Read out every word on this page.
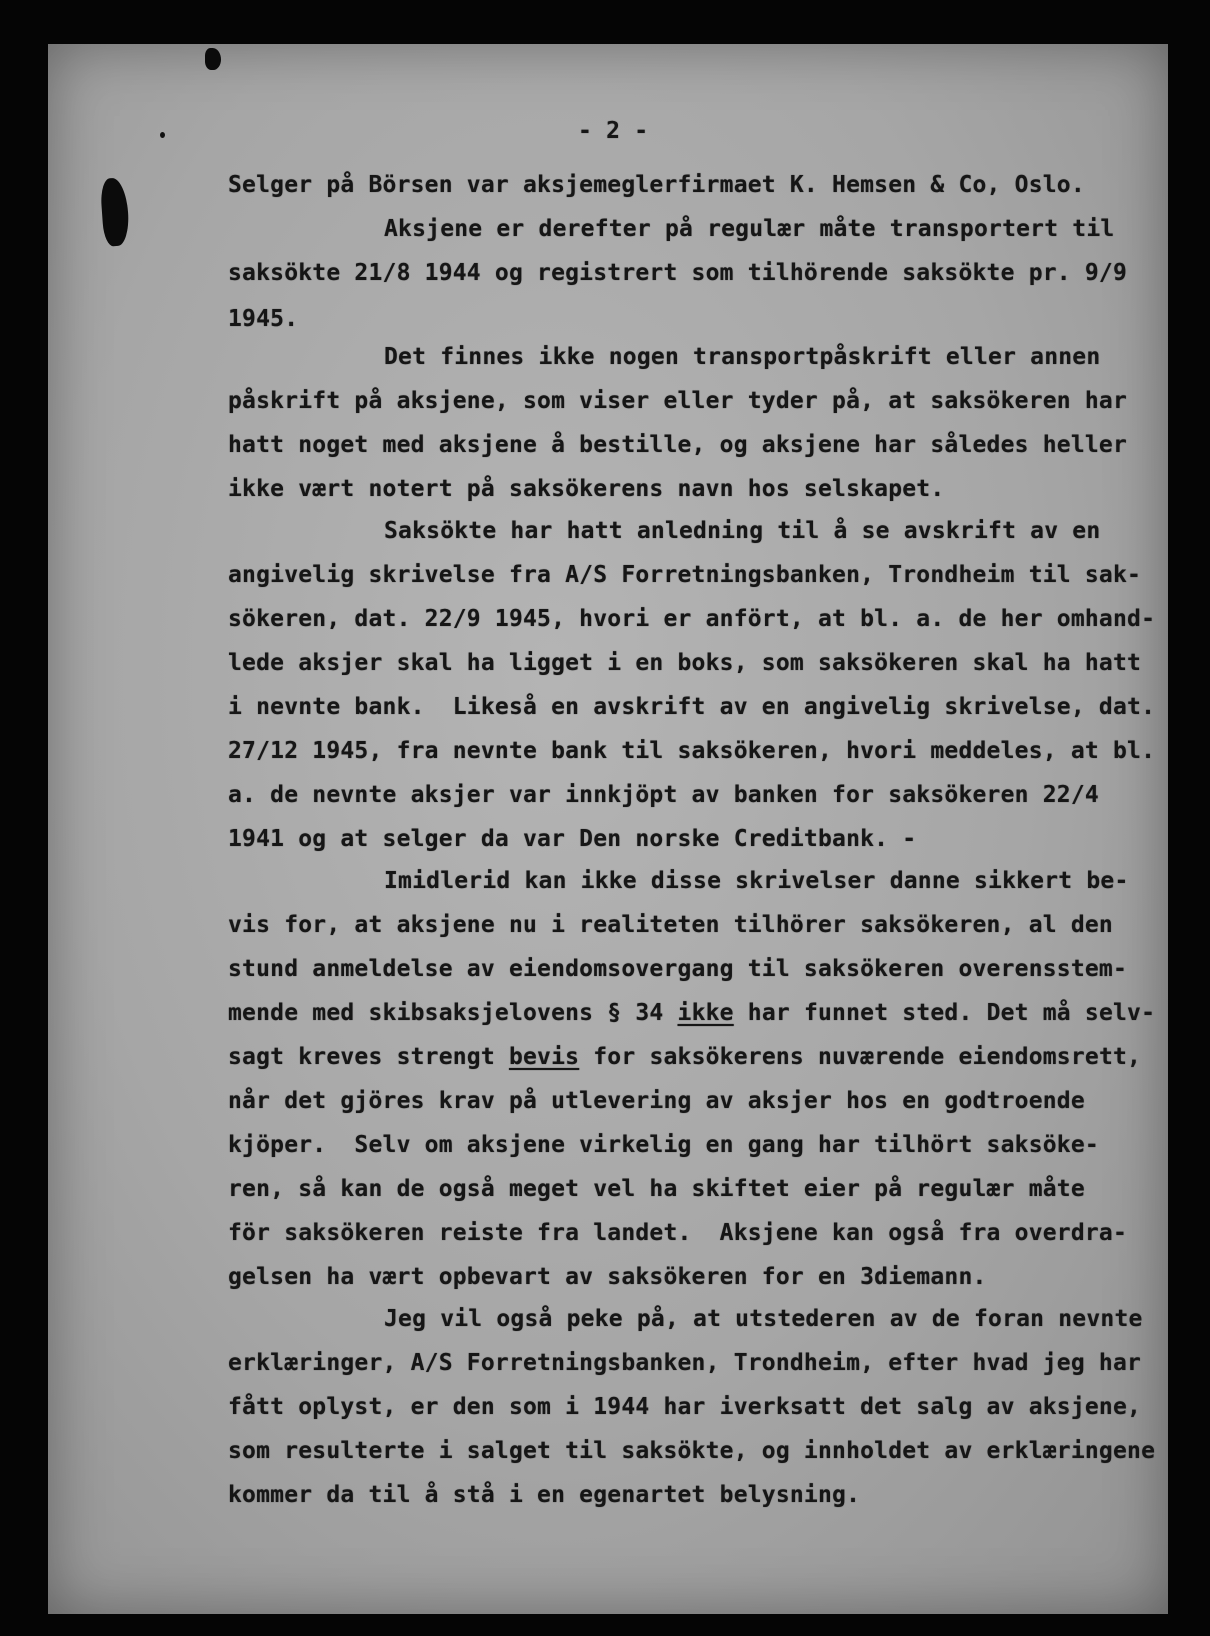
- 2 -
Selger på Börsen var aksjemeglerfirmaet K. Hemsen & Co, Oslo.
Aksjene er derefter på regulær måte transportert til
saksökte 21/8 1944 og registrert som tilhörende saksökte pr. 9/9
1945.
Det finnes ikke nogen transportpåskrift eller annen
påskrift på aksjene, som viser eller tyder på, at saksökeren har
hatt noget med aksjene å bestille, og aksjene har således heller
ikke vært notert på saksökerens navn hos selskapet.
Saksökte har hatt anledning til å se avskrift av en
angivelig skrivelse fra A/S Forretningsbanken, Trondheim til sak-
sökeren, dat. 22/9 1945, hvori er anfört, at bl. a. de her omhand-
lede aksjer skal ha ligget i en boks, som saksökeren skal ha hatt
i nevnte bank.  Likeså en avskrift av en angivelig skrivelse, dat.
27/12 1945, fra nevnte bank til saksökeren, hvori meddeles, at bl.
a. de nevnte aksjer var innkjöpt av banken for saksökeren 22/4
1941 og at selger da var Den norske Creditbank. -
Imidlerid kan ikke disse skrivelser danne sikkert be-
vis for, at aksjene nu i realiteten tilhörer saksökeren, al den
stund anmeldelse av eiendomsovergang til saksökeren overensstem-
mende med skibsaksjelovens § 34 ikke har funnet sted. Det må selv-
sagt kreves strengt bevis for saksökerens nuværende eiendomsrett,
når det gjöres krav på utlevering av aksjer hos en godtroende
kjöper.  Selv om aksjene virkelig en gang har tilhört saksöke-
ren, så kan de også meget vel ha skiftet eier på regulær måte
för saksökeren reiste fra landet.  Aksjene kan også fra overdra-
gelsen ha vært opbevart av saksökeren for en 3diemann.
Jeg vil også peke på, at utstederen av de foran nevnte
erklæringer, A/S Forretningsbanken, Trondheim, efter hvad jeg har
fått oplyst, er den som i 1944 har iverksatt det salg av aksjene,
som resulterte i salget til saksökte, og innholdet av erklæringene
kommer da til å stå i en egenartet belysning.
